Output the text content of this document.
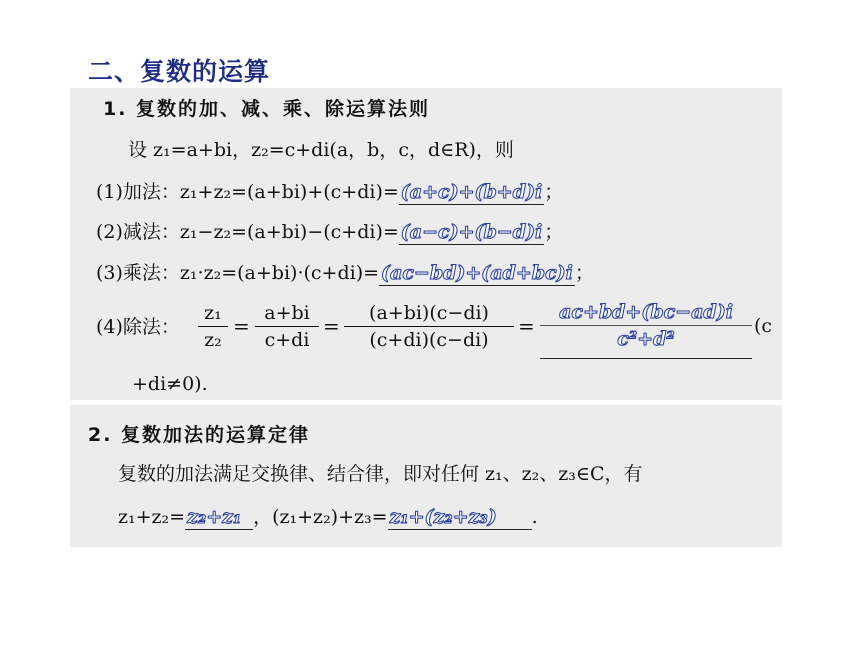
二、复数的运算
1. 复数的加、减、乘、除运算法则
设 z₁=a+bi，z₂=c+di(a，b，c，d∈R)，则
(1)加法：z₁+z₂=(a+bi)+(c+di)= (a+c)+(b+d)i ；
(2)减法：z₁−z₂=(a+bi)−(c+di)= (a−c)+(b−d)i ；
(3)乘法：z₁·z₂=(a+bi)·(c+di)= (ac−bd)+(ad+bc)i ；
(4)除法：
z₁
z₂
=
a+bi
c+di
=
(a+bi)(c−di)
(c+di)(c−di)
=
ac+bd+(bc−ad)i
c²+d²
(c
+di≠0).
2. 复数加法的运算定律
复数的加法满足交换律、结合律，即对任何 z₁、z₂、z₃∈C，有
z₁+z₂= z₂+z₁ ，(z₁+z₂)+z₃= z₁+(z₂+z₃) .
